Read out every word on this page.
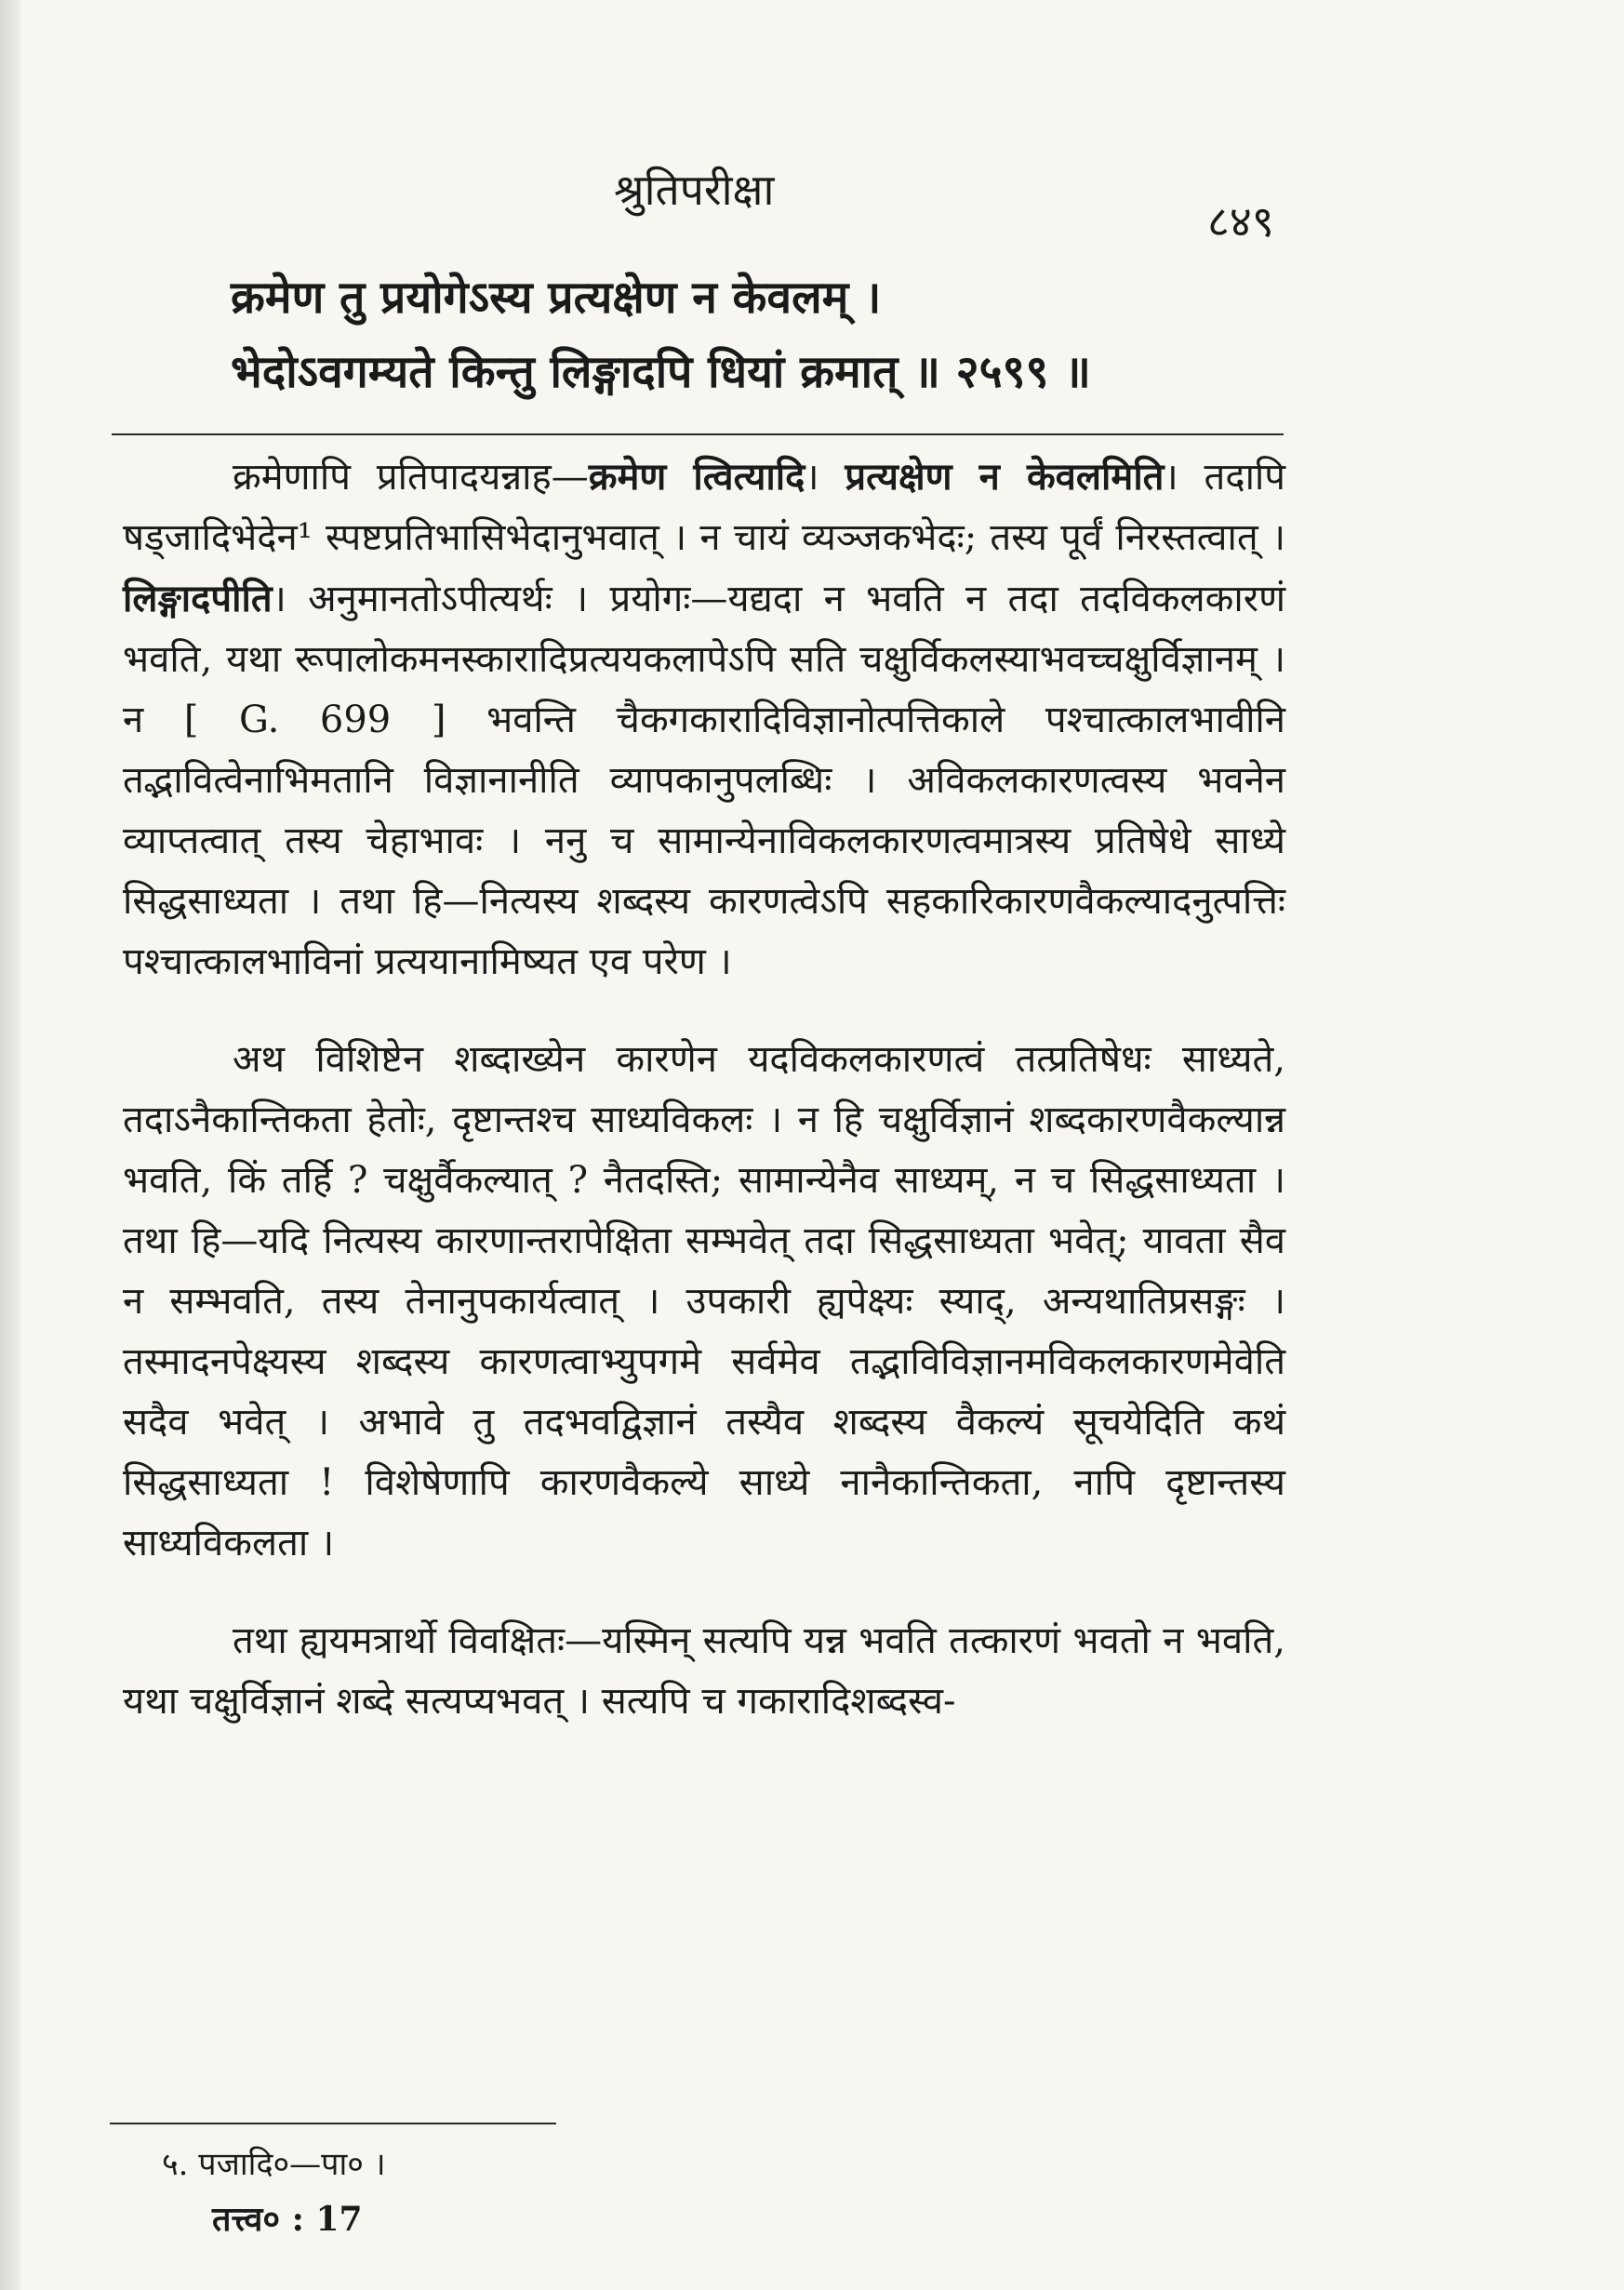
श्रुतिपरीक्षा
८४९
क्रमेण तु प्रयोगेऽस्य प्रत्यक्षेण न केवलम् ।
भेदोऽवगम्यते किन्तु लिङ्गादपि धियां क्रमात् ॥ २५९९ ॥

क्रमेणापि प्रतिपादयन्नाह—क्रमेण त्वित्यादि। प्रत्यक्षेण न केवलमिति। तदापि षड्जादिभेदेन¹ स्पष्टप्रतिभासिभेदानुभवात् । न चायं व्यञ्जकभेदः; तस्य पूर्वं निरस्तत्वात् । लिङ्गादपीति। अनुमानतोऽपीत्यर्थः । प्रयोगः—यद्यदा न भवति न तदा तदविकलकारणं भवति, यथा रूपालोकमनस्कारादिप्रत्ययकलापेऽपि सति चक्षुर्विकलस्याभवच्चक्षुर्विज्ञानम् । न [ G. 699 ] भवन्ति चैकगकारादिविज्ञानोत्पत्तिकाले पश्चात्कालभावीनि तद्भावित्वेनाभिमतानि विज्ञानानीति व्यापकानुपलब्धिः । अविकलकारणत्वस्य भवनेन व्याप्तत्वात् तस्य चेहाभावः । ननु च सामान्येनाविकलकारणत्वमात्रस्य प्रतिषेधे साध्ये सिद्धसाध्यता । तथा हि—नित्यस्य शब्दस्य कारणत्वेऽपि सहकारिकारणवैकल्यादनुत्पत्तिः पश्चात्कालभाविनां प्रत्ययानामिष्यत एव परेण ।

अथ विशिष्टेन शब्दाख्येन कारणेन यदविकलकारणत्वं तत्प्रतिषेधः साध्यते, तदाऽनैकान्तिकता हेतोः, दृष्टान्तश्च साध्यविकलः । न हि चक्षुर्विज्ञानं शब्दकारणवैकल्यान्न भवति, किं तर्हि ? चक्षुर्वैकल्यात् ? नैतदस्ति; सामान्येनैव साध्यम्, न च सिद्धसाध्यता । तथा हि—यदि नित्यस्य कारणान्तरापेक्षिता सम्भवेत् तदा सिद्धसाध्यता भवेत्; यावता सैव न सम्भवति, तस्य तेनानुपकार्यत्वात् । उपकारी ह्यपेक्ष्यः स्याद्, अन्यथातिप्रसङ्गः । तस्मादनपेक्ष्यस्य शब्दस्य कारणत्वाभ्युपगमे सर्वमेव तद्भाविविज्ञानमविकलकारणमेवेति सदैव भवेत् । अभावे तु तदभवद्विज्ञानं तस्यैव शब्दस्य वैकल्यं सूचयेदिति कथं सिद्धसाध्यता ! विशेषेणापि कारणवैकल्ये साध्ये नानैकान्तिकता, नापि दृष्टान्तस्य साध्यविकलता ।

तथा ह्ययमत्रार्थो विवक्षितः—यस्मिन् सत्यपि यन्न भवति तत्कारणं भवतो न भवति, यथा चक्षुर्विज्ञानं शब्दे सत्यप्यभवत् । सत्यपि च गकारादिशब्दस्व-

५. पजादि०—पा० ।
तत्त्व० : 17
